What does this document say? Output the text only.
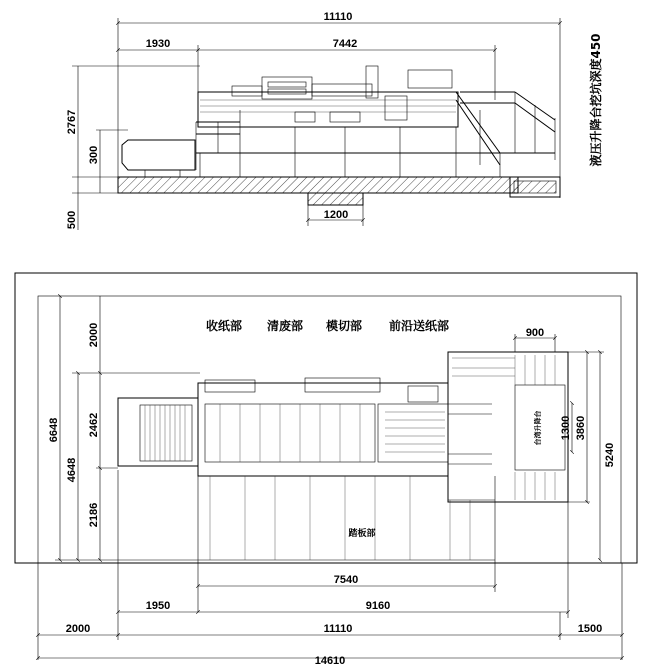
11110
1930	7442
2767
300
500	1200
液压升降台挖坑深度450
收纸部 清废部 模切部 前沿送纸部
踏板部
台湾升降台
900
1300 3860
5240
6648
4648
2000
2462
2186
7540
1950	9160
2000	11110	1500
14610
